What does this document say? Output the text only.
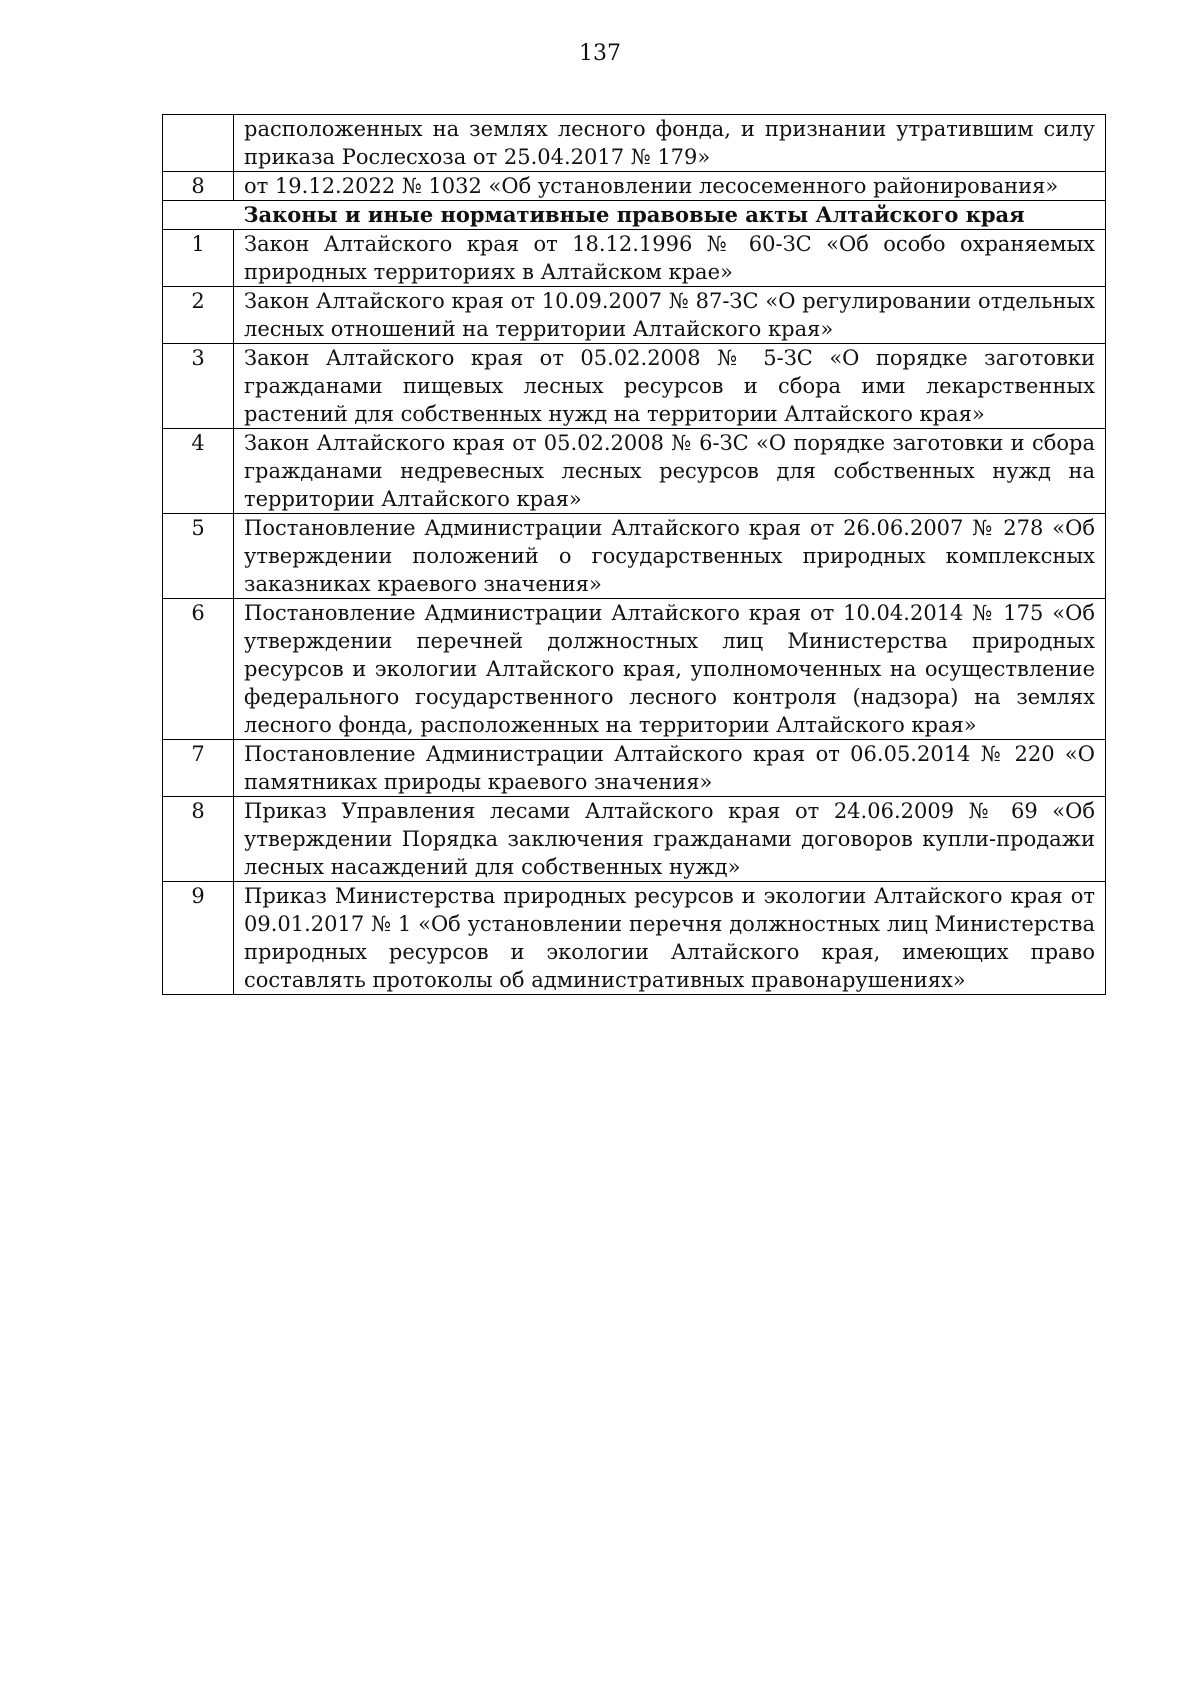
137
	расположенных на землях лесного фонда, и признании утратившим силу приказа Рослесхоза от 25.04.2017 № 179»
8	от 19.12.2022 № 1032 «Об установлении лесосеменного районирования»
Законы и иные нормативные правовые акты Алтайского края	
1	Закон Алтайского края от 18.12.1996 № 60-ЗС «Об особо охраняемых природных территориях в Алтайском крае»
2	Закон Алтайского края от 10.09.2007 № 87-ЗС «О регулировании отдельных лесных отношений на территории Алтайского края»
3	Закон Алтайского края от 05.02.2008 № 5-ЗС «О порядке заготовки гражданами пищевых лесных ресурсов и сбора ими лекарственных растений для собственных нужд на территории Алтайского края»
4	Закон Алтайского края от 05.02.2008 № 6-ЗС «О порядке заготовки и сбора гражданами недревесных лесных ресурсов для собственных нужд на территории Алтайского края»
5	Постановление Администрации Алтайского края от 26.06.2007 № 278 «Об утверждении положений о государственных природных комплексных заказниках краевого значения»
6	Постановление Администрации Алтайского края от 10.04.2014 № 175 «Об утверждении перечней должностных лиц Министерства природных ресурсов и экологии Алтайского края, уполномоченных на осуществление федерального государственного лесного контроля (надзора) на землях лесного фонда, расположенных на территории Алтайского края»
7	Постановление Администрации Алтайского края от 06.05.2014 № 220 «О памятниках природы краевого значения»
8	Приказ Управления лесами Алтайского края от 24.06.2009 № 69 «Об утверждении Порядка заключения гражданами договоров купли-продажи лесных насаждений для собственных нужд»
9	Приказ Министерства природных ресурсов и экологии Алтайского края от 09.01.2017 № 1 «Об установлении перечня должностных лиц Министерства природных ресурсов и экологии Алтайского края, имеющих право составлять протоколы об административных правонарушениях»
